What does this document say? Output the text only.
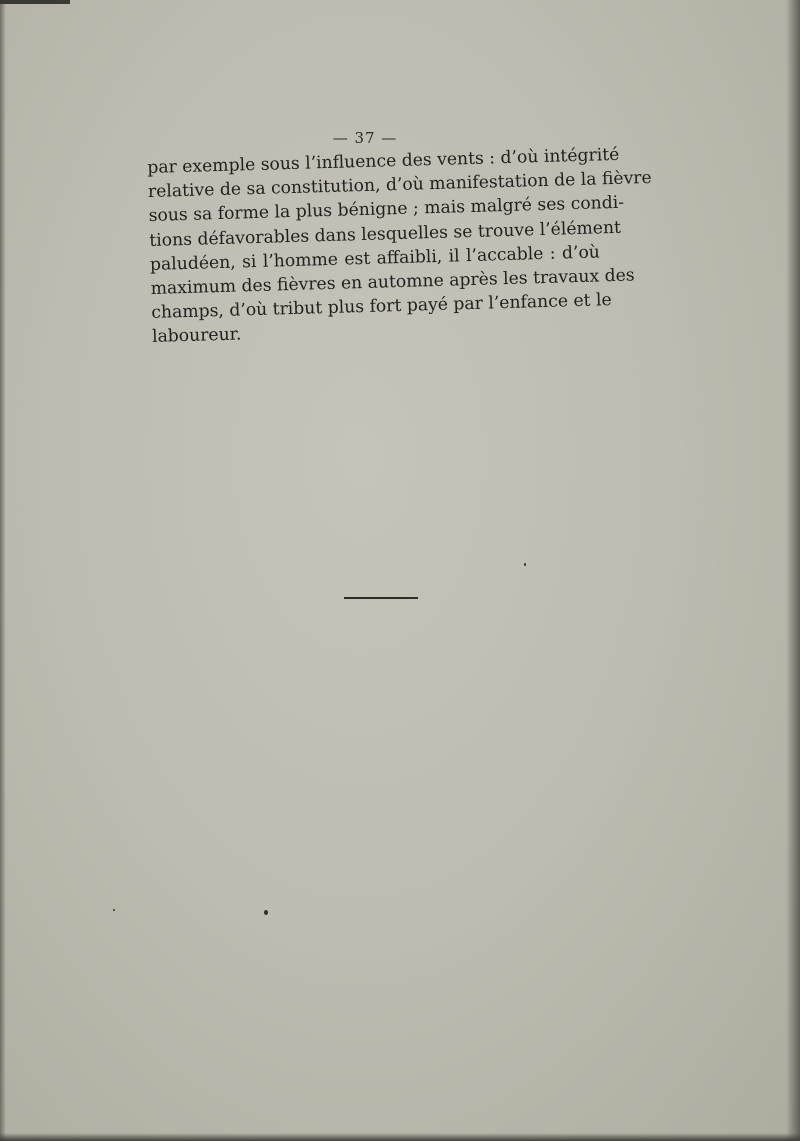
— 37 —
par exemple sous l’influence des vents : d’où intégrité
relative de sa constitution, d’où manifestation de la fièvre
sous sa forme la plus bénigne ; mais malgré ses condi-
tions défavorables dans lesquelles se trouve l’élément
paludéen, si l’homme est affaibli, il l’accable : d’où
maximum des fièvres en automne après les travaux des
champs, d’où tribut plus fort payé par l’enfance et le
laboureur.
